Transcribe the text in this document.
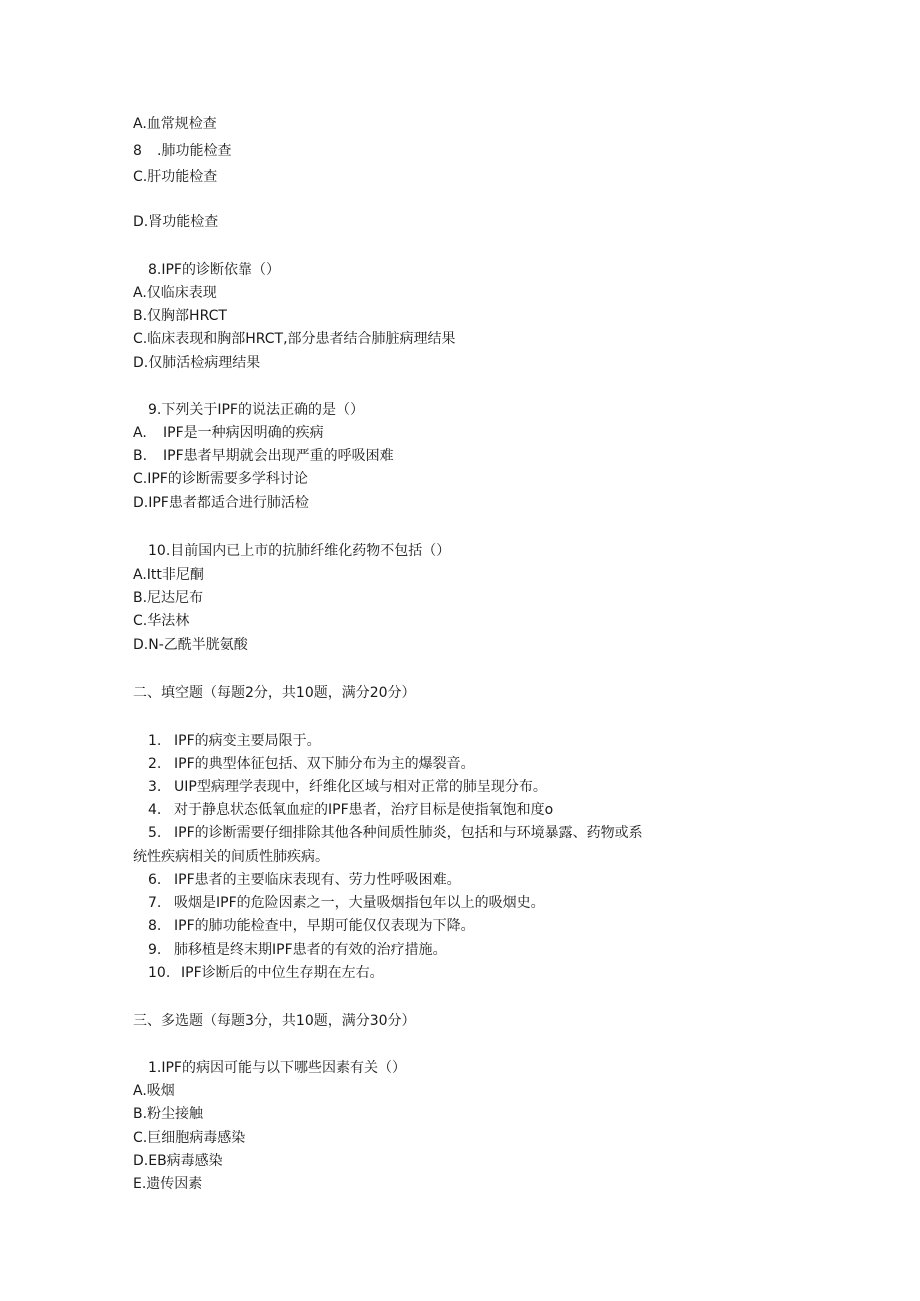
A.血常规检查
8 .肺功能检查
C.肝功能检查
D.肾功能检查
8.IPF的诊断依靠（）
A.仅临床表现
B.仅胸部HRCT
C.临床表现和胸部HRCT,部分患者结合肺脏病理结果
D.仅肺活检病理结果
9.下列关于IPF的说法正确的是（）
A. IPF是一种病因明确的疾病
B. IPF患者早期就会出现严重的呼吸困难
C.IPF的诊断需要多学科讨论
D.IPF患者都适合进行肺活检
10.目前国内已上市的抗肺纤维化药物不包括（）
A.Itt非尼酮
B.尼达尼布
C.华法林
D.N-乙酰半胱氨酸
二、填空题（每题2分，共10题，满分20分）
1. IPF的病变主要局限于。
2. IPF的典型体征包括、双下肺分布为主的爆裂音。
3. UIP型病理学表现中，纤维化区域与相对正常的肺呈现分布。
4. 对于静息状态低氧血症的IPF患者，治疗目标是使指氧饱和度o
5. IPF的诊断需要仔细排除其他各种间质性肺炎，包括和与环境暴露、药物或系
统性疾病相关的间质性肺疾病。
6. IPF患者的主要临床表现有、劳力性呼吸困难。
7. 吸烟是IPF的危险因素之一，大量吸烟指包年以上的吸烟史。
8. IPF的肺功能检查中，早期可能仅仅表现为下降。
9. 肺移植是终末期IPF患者的有效的治疗措施。
10. IPF诊断后的中位生存期在左右。
三、多选题（每题3分，共10题，满分30分）
1.IPF的病因可能与以下哪些因素有关（）
A.吸烟
B.粉尘接触
C.巨细胞病毒感染
D.EB病毒感染
E.遗传因素
